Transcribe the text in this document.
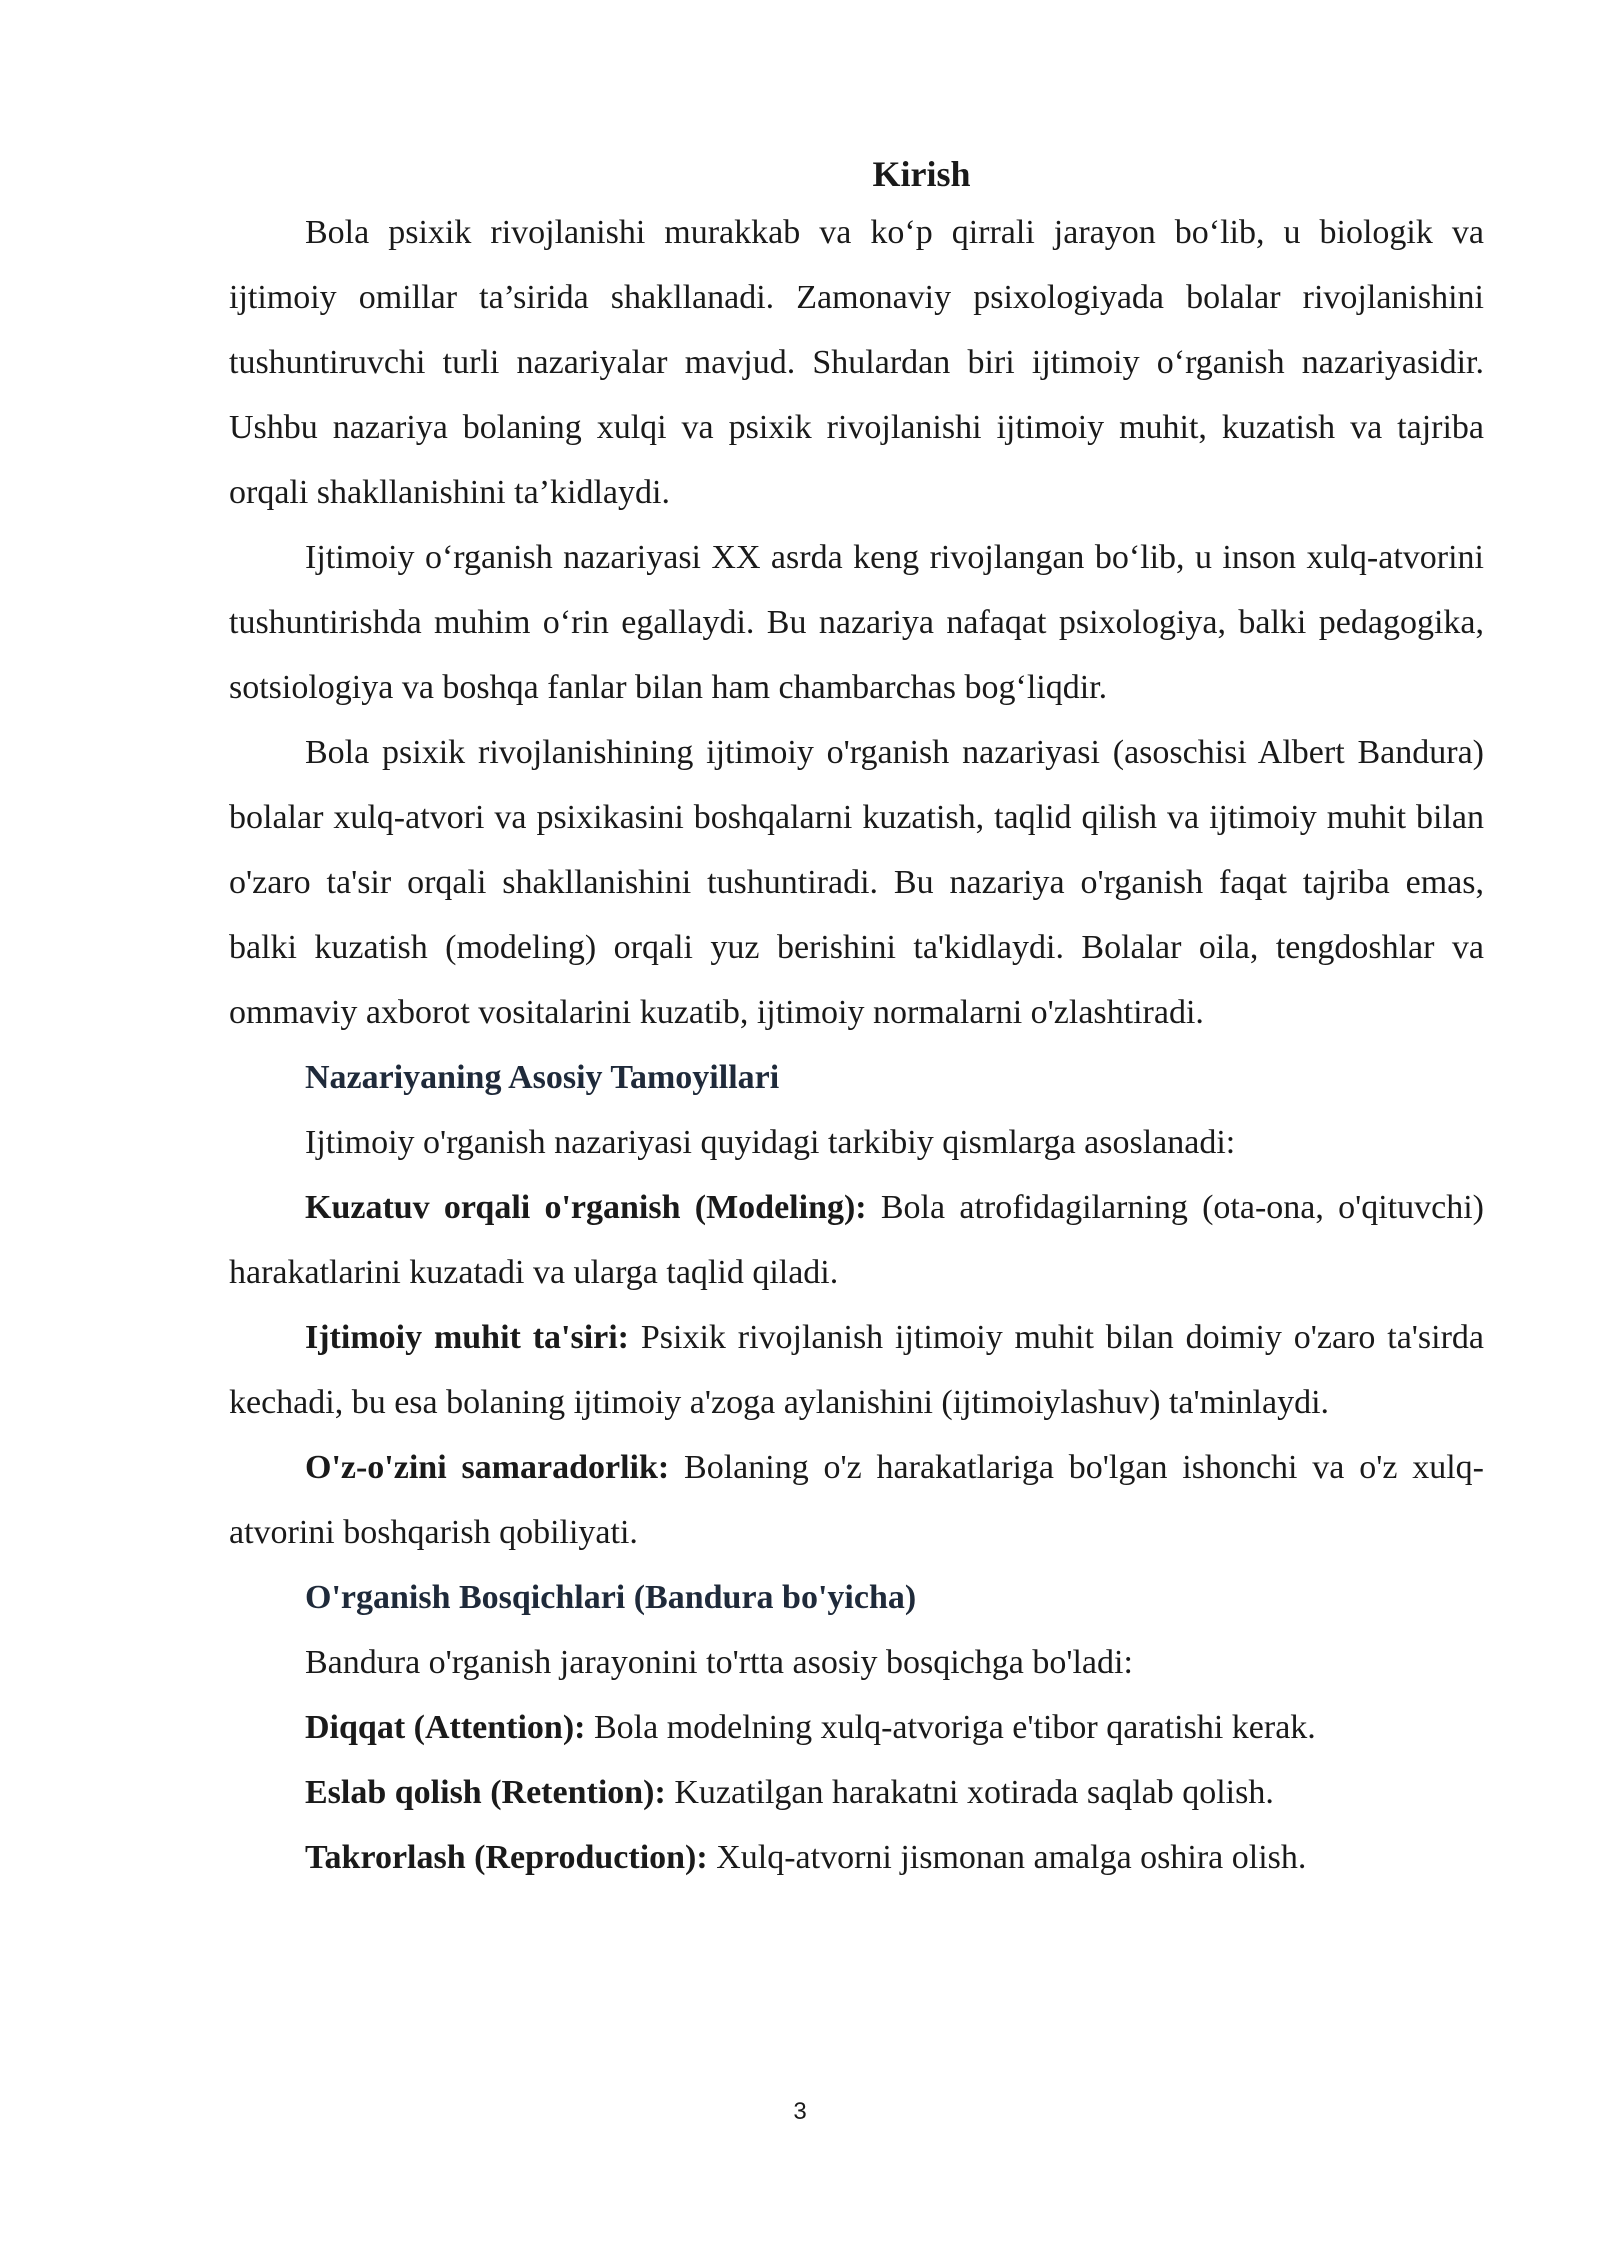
Kirish

Bola psixik rivojlanishi murakkab va ko‘p qirrali jarayon bo‘lib, u biologik va ijtimoiy omillar ta’sirida shakllanadi. Zamonaviy psixologiyada bolalar rivojlanishini tushuntiruvchi turli nazariyalar mavjud. Shulardan biri ijtimoiy o‘rganish nazariyasidir. Ushbu nazariya bolaning xulqi va psixik rivojlanishi ijtimoiy muhit, kuzatish va tajriba orqali shakllanishini ta’kidlaydi.

Ijtimoiy o‘rganish nazariyasi XX asrda keng rivojlangan bo‘lib, u inson xulq-atvorini tushuntirishda muhim o‘rin egallaydi. Bu nazariya nafaqat psixologiya, balki pedagogika, sotsiologiya va boshqa fanlar bilan ham chambarchas bog‘liqdir.

Bola psixik rivojlanishining ijtimoiy o'rganish nazariyasi (asoschisi Albert Bandura) bolalar xulq-atvori va psixikasini boshqalarni kuzatish, taqlid qilish va ijtimoiy muhit bilan o'zaro ta'sir orqali shakllanishini tushuntiradi. Bu nazariya o'rganish faqat tajriba emas, balki kuzatish (modeling) orqali yuz berishini ta'kidlaydi. Bolalar oila, tengdoshlar va ommaviy axborot vositalarini kuzatib, ijtimoiy normalarni o'zlashtiradi.

Nazariyaning Asosiy Tamoyillari

Ijtimoiy o'rganish nazariyasi quyidagi tarkibiy qismlarga asoslanadi:

Kuzatuv orqali o'rganish (Modeling): Bola atrofidagilarning (ota-ona, o'qituvchi) harakatlarini kuzatadi va ularga taqlid qiladi.

Ijtimoiy muhit ta'siri: Psixik rivojlanish ijtimoiy muhit bilan doimiy o'zaro ta'sirda kechadi, bu esa bolaning ijtimoiy a'zoga aylanishini (ijtimoiylashuv) ta'minlaydi.

O'z-o'zini samaradorlik: Bolaning o'z harakatlariga bo'lgan ishonchi va o'z xulq-atvorini boshqarish qobiliyati.

O'rganish Bosqichlari (Bandura bo'yicha)

Bandura o'rganish jarayonini to'rtta asosiy bosqichga bo'ladi:

Diqqat (Attention): Bola modelning xulq-atvoriga e'tibor qaratishi kerak.

Eslab qolish (Retention): Kuzatilgan harakatni xotirada saqlab qolish.

Takrorlash (Reproduction): Xulq-atvorni jismonan amalga oshira olish.

3
